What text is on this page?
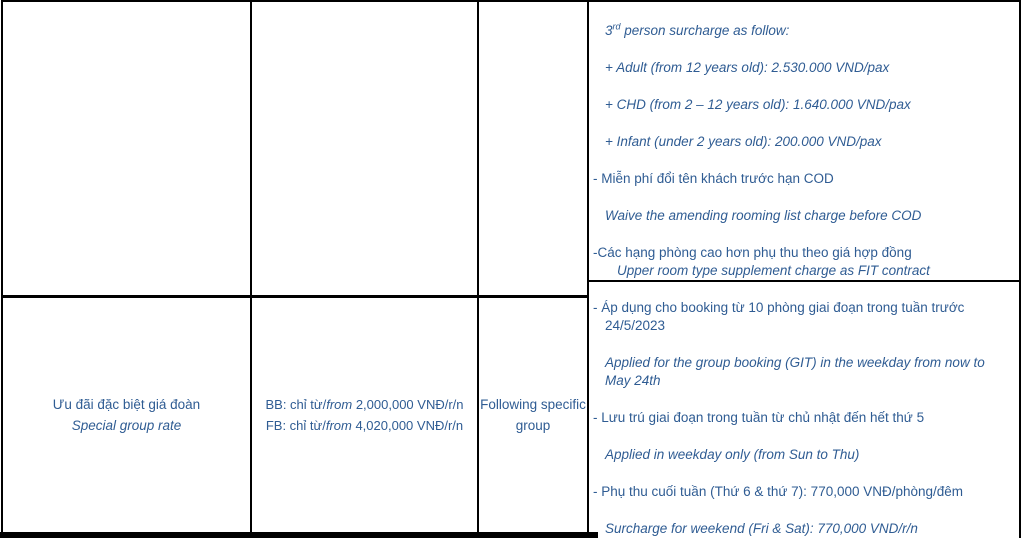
3rd person surcharge as follow:
+ Adult (from 12 years old): 2.530.000 VND/pax
+ CHD (from 2 – 12 years old): 1.640.000 VND/pax
+ Infant (under 2 years old): 200.000 VND/pax
- Miễn phí đổi tên khách trước hạn COD
Waive the amending rooming list charge before COD
-Các hạng phòng cao hơn phụ thu theo giá hợp đồng
Upper room type supplement charge as FIT contract
Ưu đãi đặc biệt giá đoàn
Special group rate
BB: chỉ từ/from 2,000,000 VNĐ/r/n
FB: chỉ từ/from 4,020,000 VNĐ/r/n
Following specific
group
- Áp dụng cho booking từ 10 phòng giai đoạn trong tuần trước
24/5/2023
Applied for the group booking (GIT) in the weekday from now to
May 24th
- Lưu trú giai đoạn trong tuần từ chủ nhật đến hết thứ 5
Applied in weekday only (from Sun to Thu)
- Phụ thu cuối tuần (Thứ 6 & thứ 7): 770,000 VNĐ/phòng/đêm
Surcharge for weekend (Fri & Sat): 770,000 VND/r/n
